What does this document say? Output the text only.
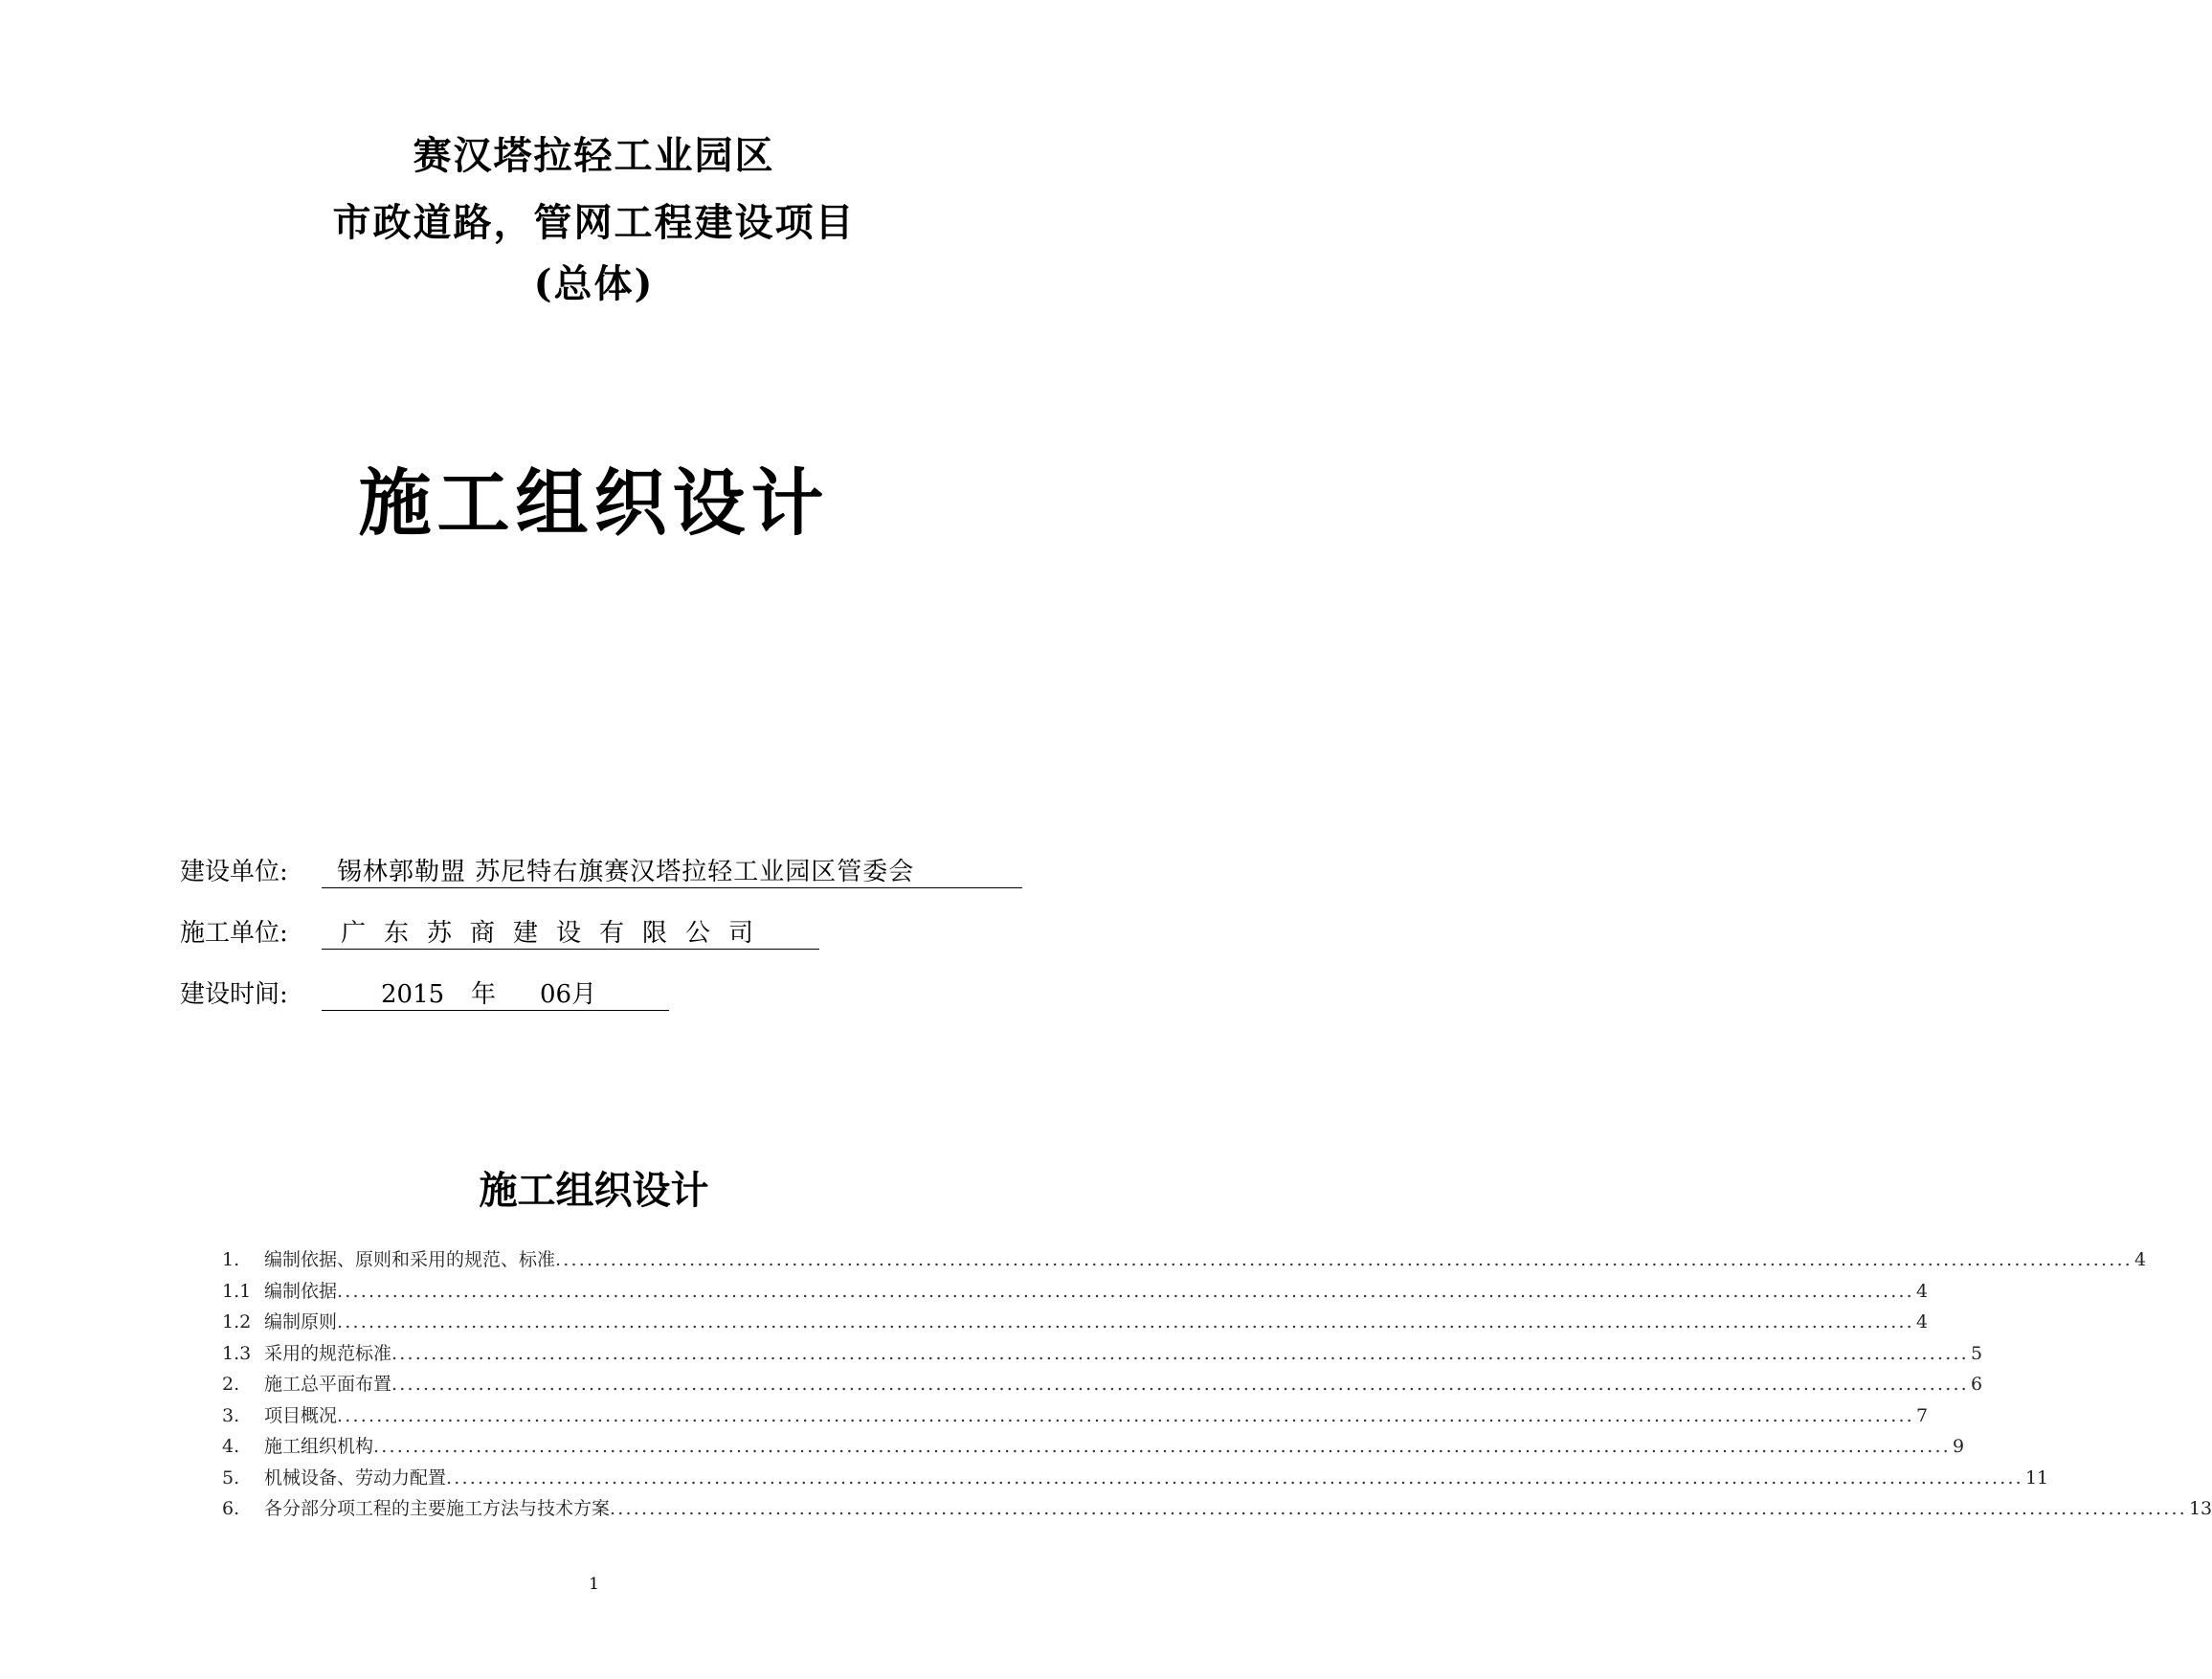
赛汉塔拉轻工业园区
市政道路，管网工程建设项目
(总体)
施工组织设计
建设单位:	锡林郭勒盟 苏尼特右旗赛汉塔拉轻工业园区管委会
施工单位:	广东苏商建设有限公司
建设时间:	2015 年 06月
施工组织设计
1.	编制依据、原则和采用的规范、标准 ........................................................................................................................................................................................................ 4
1.1 编制依据 ........................................................................................................................................................................................................ 4
1.2 编制原则 ........................................................................................................................................................................................................ 4
1.3 采用的规范标准 ........................................................................................................................................................................................................ 5
2.	施工总平面布置 ........................................................................................................................................................................................................ 6
3.	项目概况 ........................................................................................................................................................................................................ 7
4.	施工组织机构 ........................................................................................................................................................................................................ 9
5.	机械设备、劳动力配置 ........................................................................................................................................................................................................ 11
6.	各分部分项工程的主要施工方法与技术方案 ........................................................................................................................................................................................................ 13
1
